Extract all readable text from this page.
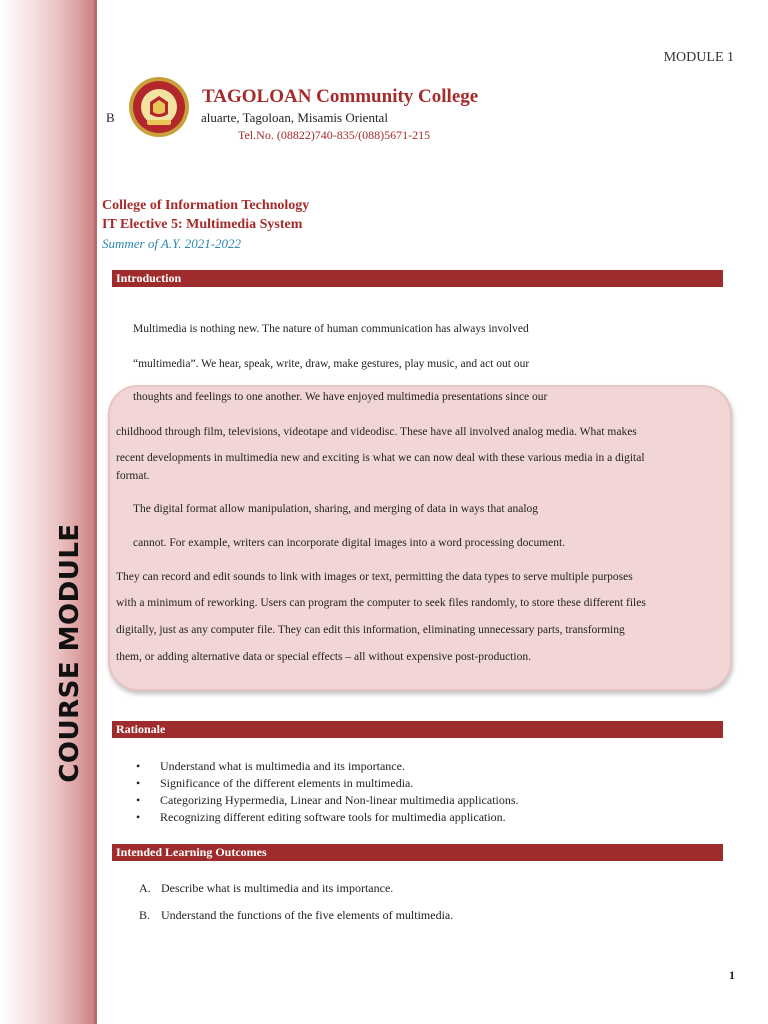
COURSE MODULE
MODULE 1
TAGOLOAN Community College
B	aluarte, Tagoloan, Misamis Oriental
Tel.No. (08822)740-835/(088)5671-215
College of Information Technology
IT Elective 5: Multimedia System
Summer of A.Y. 2021-2022
Introduction
Multimedia is nothing new. The nature of human communication has always involved
“multimedia”. We hear, speak, write, draw, make gestures, play music, and act out our
thoughts and feelings to one another. We have enjoyed multimedia presentations since our
childhood through film, televisions, videotape and videodisc. These have all involved analog media. What makes
recent developments in multimedia new and exciting is what we can now deal with these various media in a digital
format.
The digital format allow manipulation, sharing, and merging of data in ways that analog
cannot. For example, writers can incorporate digital images into a word processing document.
They can record and edit sounds to link with images or text, permitting the data types to serve multiple purposes
with a minimum of reworking. Users can program the computer to seek files randomly, to store these different files
digitally, just as any computer file. They can edit this information, eliminating unnecessary parts, transforming
them, or adding alternative data or special effects – all without expensive post-production.
Rationale
• Understand what is multimedia and its importance.
• Significance of the different elements in multimedia.
• Categorizing Hypermedia, Linear and Non-linear multimedia applications.
• Recognizing different editing software tools for multimedia application.
Intended Learning Outcomes
A. Describe what is multimedia and its importance.
B. Understand the functions of the five elements of multimedia.
1
